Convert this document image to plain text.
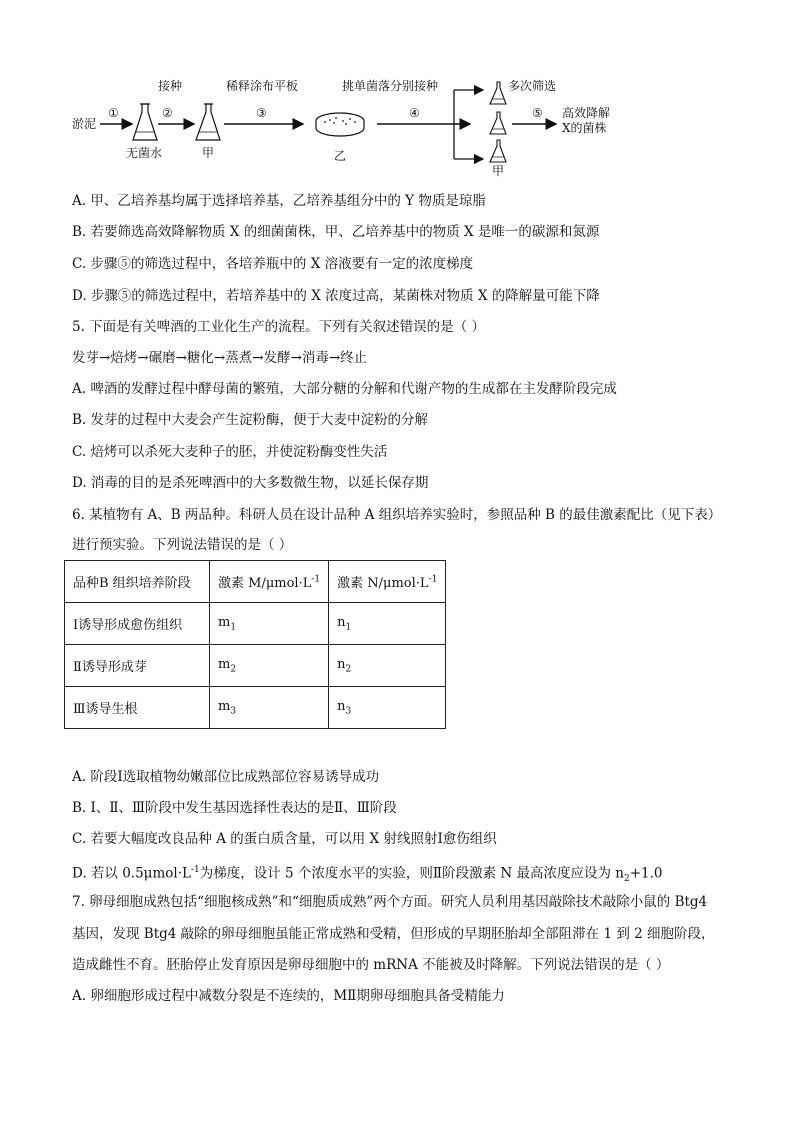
淤泥
①
无菌水
②
接种
甲
③
稀释涂布平板
乙
④
挑单菌落分别接种	多次筛选
甲
⑤ 高效降解
X的菌株
A. 甲、乙培养基均属于选择培养基，乙培养基组分中的 Y 物质是琼脂
B. 若要筛选高效降解物质 X 的细菌菌株，甲、乙培养基中的物质 X 是唯一的碳源和氮源
C. 步骤⑤的筛选过程中，各培养瓶中的 X 溶液要有一定的浓度梯度
D. 步骤⑤的筛选过程中，若培养基中的 X 浓度过高，某菌株对物质 X 的降解量可能下降
5. 下面是有关啤酒的工业化生产的流程。下列有关叙述错误的是（ ）
发芽→焙烤→碾磨→糖化→蒸煮→发酵→消毒→终止
A. 啤酒的发酵过程中酵母菌的繁殖，大部分糖的分解和代谢产物的生成都在主发酵阶段完成
B. 发芽的过程中大麦会产生淀粉酶，便于大麦中淀粉的分解
C. 焙烤可以杀死大麦种子的胚，并使淀粉酶变性失活
D. 消毒的目的是杀死啤酒中的大多数微生物，以延长保存期
6. 某植物有 A、B 两品种。科研人员在设计品种 A 组织培养实验时，参照品种 B 的最佳激素配比（见下表）
进行预实验。下列说法错误的是（ ）
品种B 组织培养阶段	激素 $M/\mu mol\cdot L^{-1}$	激素 $N/\mu mol\cdot L^{-1}$
Ⅰ诱导形成愈伤组织	$m_1$	$n_1$
Ⅱ诱导形成芽	$m_2$	$n_2$
Ⅲ诱导生根	$m_3$	$n_3$
A. 阶段Ⅰ选取植物幼嫩部位比成熟部位容易诱导成功
B. Ⅰ、Ⅱ、Ⅲ阶段中发生基因选择性表达的是Ⅱ、Ⅲ阶段
C. 若要大幅度改良品种 A 的蛋白质含量，可以用 X 射线照射Ⅰ愈伤组织
D. 若以 $0.5\mu mol\cdot L^{-1}$为梯度，设计 5 个浓度水平的实验，则Ⅱ阶段激素 N 最高浓度应设为 $n_2+1.0$
7. 卵母细胞成熟包括“细胞核成熟”和“细胞质成熟”两个方面。研究人员利用基因敲除技术敲除小鼠的 Btg4
基因，发现 Btg4 敲除的卵母细胞虽能正常成熟和受精，但形成的早期胚胎却全部阻滞在 1 到 2 细胞阶段，
造成雌性不育。胚胎停止发育原因是卵母细胞中的 mRNA 不能被及时降解。下列说法错误的是（ ）
A. 卵细胞形成过程中减数分裂是不连续的，MⅡ期卵母细胞具备受精能力
